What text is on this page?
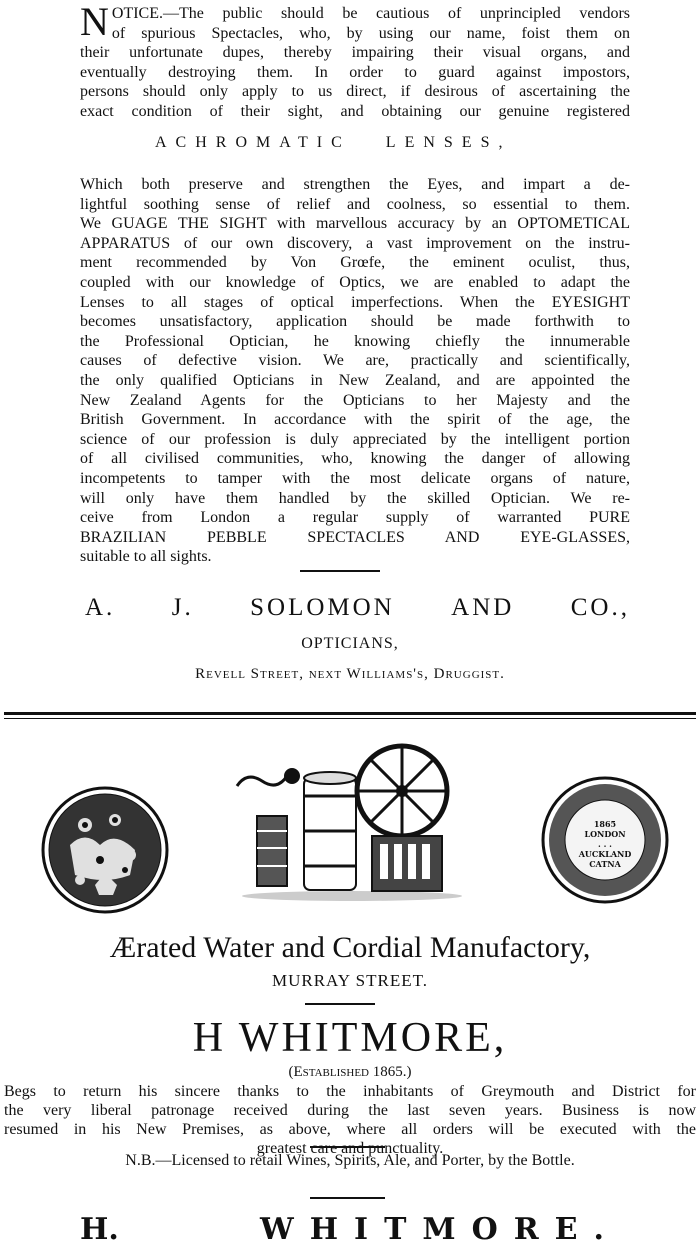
N OTICE.—The public should be cautious of unprincipled vendors
of spurious Spectacles, who, by using our name, foist them on
their unfortunate dupes, thereby impairing their visual organs, and
eventually destroying them. In order to guard against impostors,
persons should only apply to us direct, if desirous of ascertaining the
exact condition of their sight, and obtaining our genuine registered
ACHROMATIC LENSES,
Which both preserve and strengthen the Eyes, and impart a de-
lightful soothing sense of relief and coolness, so essential to them.
We GUAGE THE SIGHT with marvellous accuracy by an OPTOMETICAL
APPARATUS of our own discovery, a vast improvement on the instru-
ment recommended by Von Grœfe, the eminent oculist, thus,
coupled with our knowledge of Optics, we are enabled to adapt the
Lenses to all stages of optical imperfections. When the EYESIGHT
becomes unsatisfactory, application should be made forthwith to
the Professional Optician, he knowing chiefly the innumerable
causes of defective vision. We are, practically and scientifically,
the only qualified Opticians in New Zealand, and are appointed the
New Zealand Agents for the Opticians to her Majesty and the
British Government. In accordance with the spirit of the age, the
science of our profession is duly appreciated by the intelligent portion
of all civilised communities, who, knowing the danger of allowing
incompetents to tamper with the most delicate organs of nature,
will only have them handled by the skilled Optician. We re-
ceive from London a regular supply of warranted PURE
BRAZILIAN PEBBLE SPECTACLES AND EYE-GLASSES,
suitable to all sights.
A. J. SOLOMON AND CO.,
OPTICIANS,
Revell Street, next Williams's, Druggist.
1865
LONDON
. . .
AUCKLAND
CATNA
Ærated Water and Cordial Manufactory,
MURRAY STREET.
H WHITMORE,
(Established 1865.)
Begs to return his sincere thanks to the inhabitants of Greymouth and District for
the very liberal patronage received during the last seven years. Business is now
resumed in his New Premises, as above, where all orders will be executed with the
greatest care and punctuality.
N.B.—Licensed to retail Wines, Spirits, Ale, and Porter, by the Bottle.
H.	WHITMORE.
